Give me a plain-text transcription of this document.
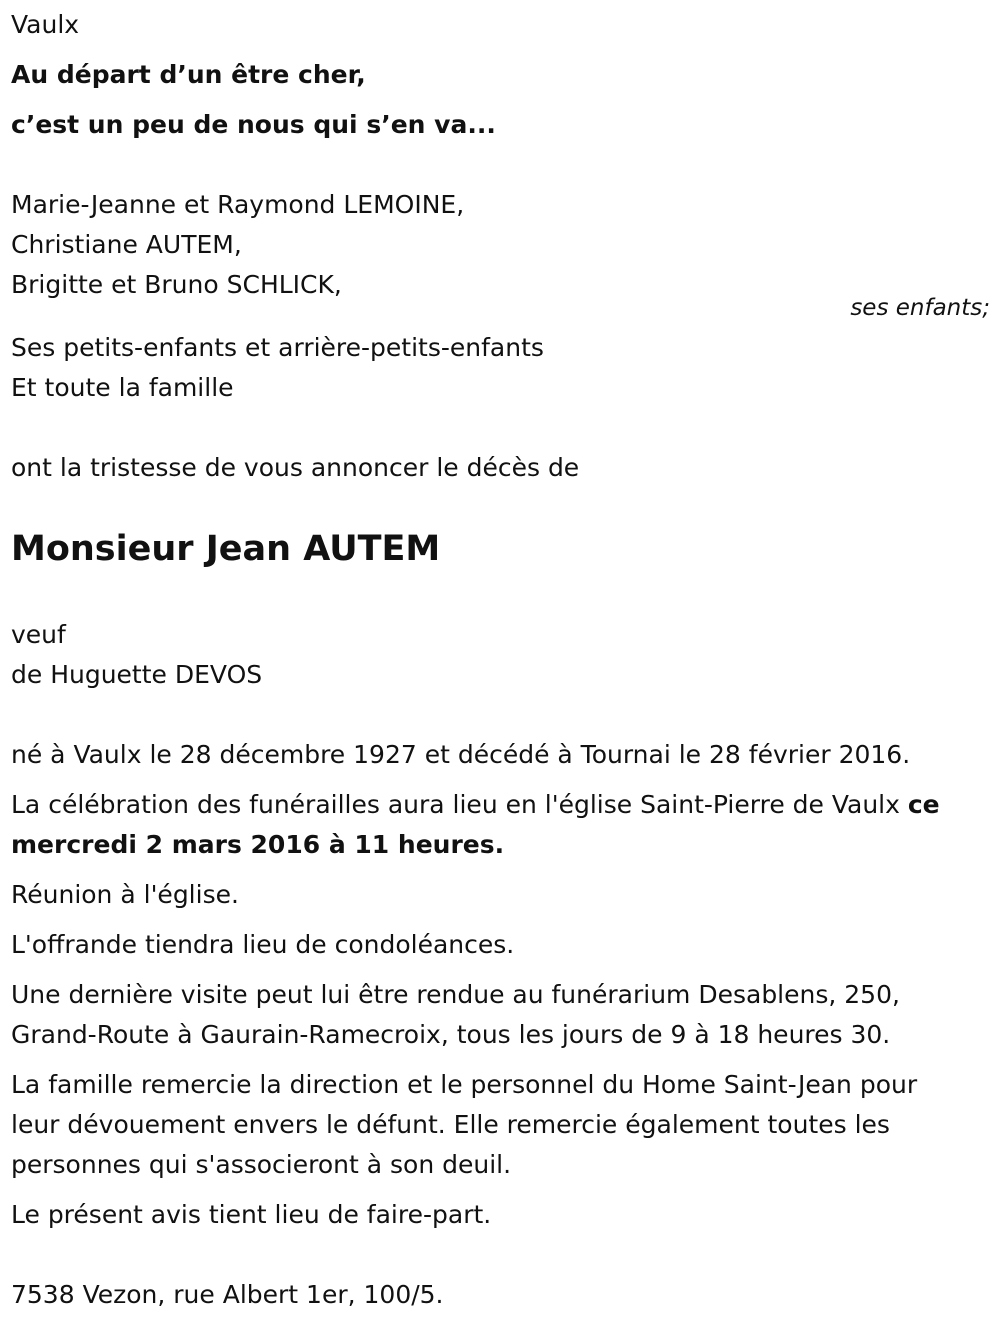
Vaulx

Au départ d’un être cher,

c’est un peu de nous qui s’en va...

Marie-Jeanne et Raymond LEMOINE,

Christiane AUTEM,

Brigitte et Bruno SCHLICK,

ses enfants;

Ses petits-enfants et arrière-petits-enfants

Et toute la famille

ont la tristesse de vous annoncer le décès de

Monsieur Jean AUTEM

veuf

de Huguette DEVOS

né à Vaulx le 28 décembre 1927 et décédé à Tournai le 28 février 2016.

La célébration des funérailles aura lieu en l'église Saint-Pierre de Vaulx ce

mercredi 2 mars 2016 à 11 heures.

Réunion à l'église.

L'offrande tiendra lieu de condoléances.

Une dernière visite peut lui être rendue au funérarium Desablens, 250,

Grand-Route à Gaurain-Ramecroix, tous les jours de 9 à 18 heures 30.

La famille remercie la direction et le personnel du Home Saint-Jean pour

leur dévouement envers le défunt. Elle remercie également toutes les

personnes qui s'associeront à son deuil.

Le présent avis tient lieu de faire-part.

7538 Vezon, rue Albert 1er, 100/5.
